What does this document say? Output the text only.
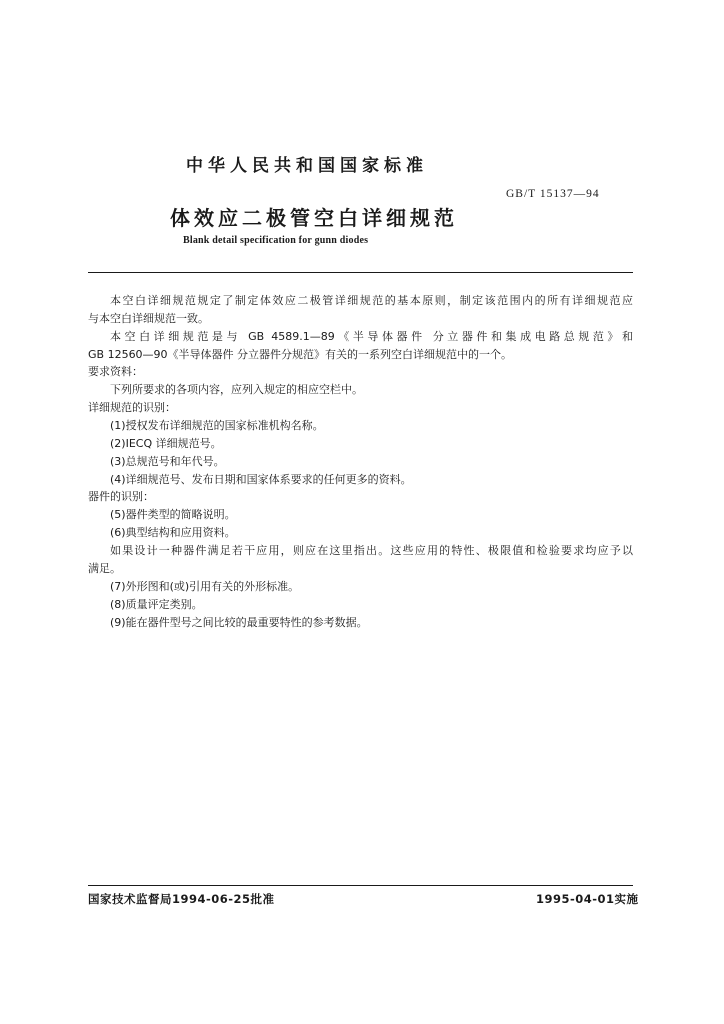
中华人民共和国国家标准
GB/T 15137—94
体效应二极管空白详细规范
Blank detail specification for gunn diodes
本空白详细规范规定了制定体效应二极管详细规范的基本原则，制定该范围内的所有详细规范应
与本空白详细规范一致。
本空白详细规范是与 GB 4589.1—89《半导体器件 分立器件和集成电路总规范》和
GB 12560—90《半导体器件 分立器件分规范》有关的一系列空白详细规范中的一个。
要求资料：
下列所要求的各项内容，应列入规定的相应空栏中。
详细规范的识别：
(1)授权发布详细规范的国家标准机构名称。
(2)IECQ 详细规范号。
(3)总规范号和年代号。
(4)详细规范号、发布日期和国家体系要求的任何更多的资料。
器件的识别：
(5)器件类型的简略说明。
(6)典型结构和应用资料。
如果设计一种器件满足若干应用，则应在这里指出。这些应用的特性、极限值和检验要求均应予以
满足。
(7)外形图和(或)引用有关的外形标准。
(8)质量评定类别。
(9)能在器件型号之间比较的最重要特性的参考数据。
国家技术监督局1994-06-25批准	1995-04-01实施
